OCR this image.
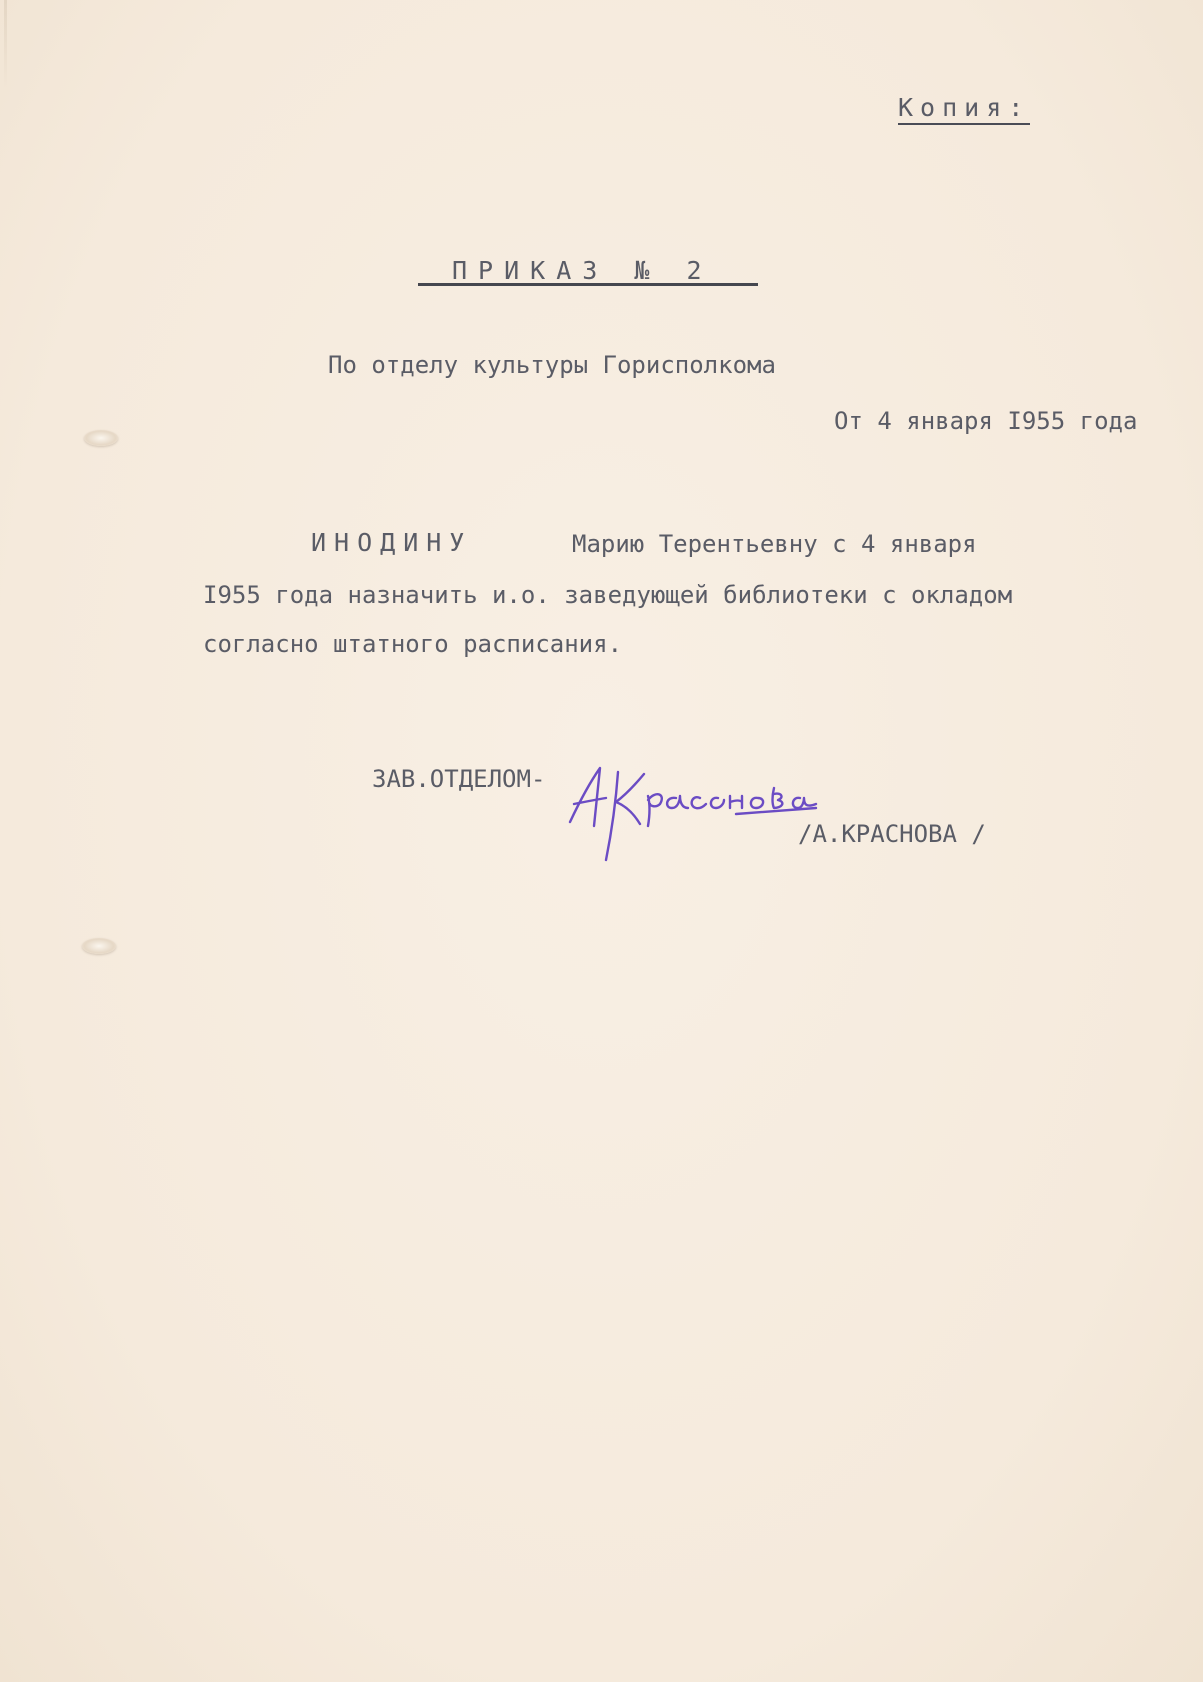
Копия:
ПРИКАЗ № 2
По отделу культуры Горисполкома
От 4 января I955 года
ИНОДИНУ	Марию Терентьевну с 4 января
I955 года назначить и.о. заведующей библиотеки с окладом
согласно штатного расписания.
ЗАВ.ОТДЕЛОМ-
/А.КРАСНОВА /
